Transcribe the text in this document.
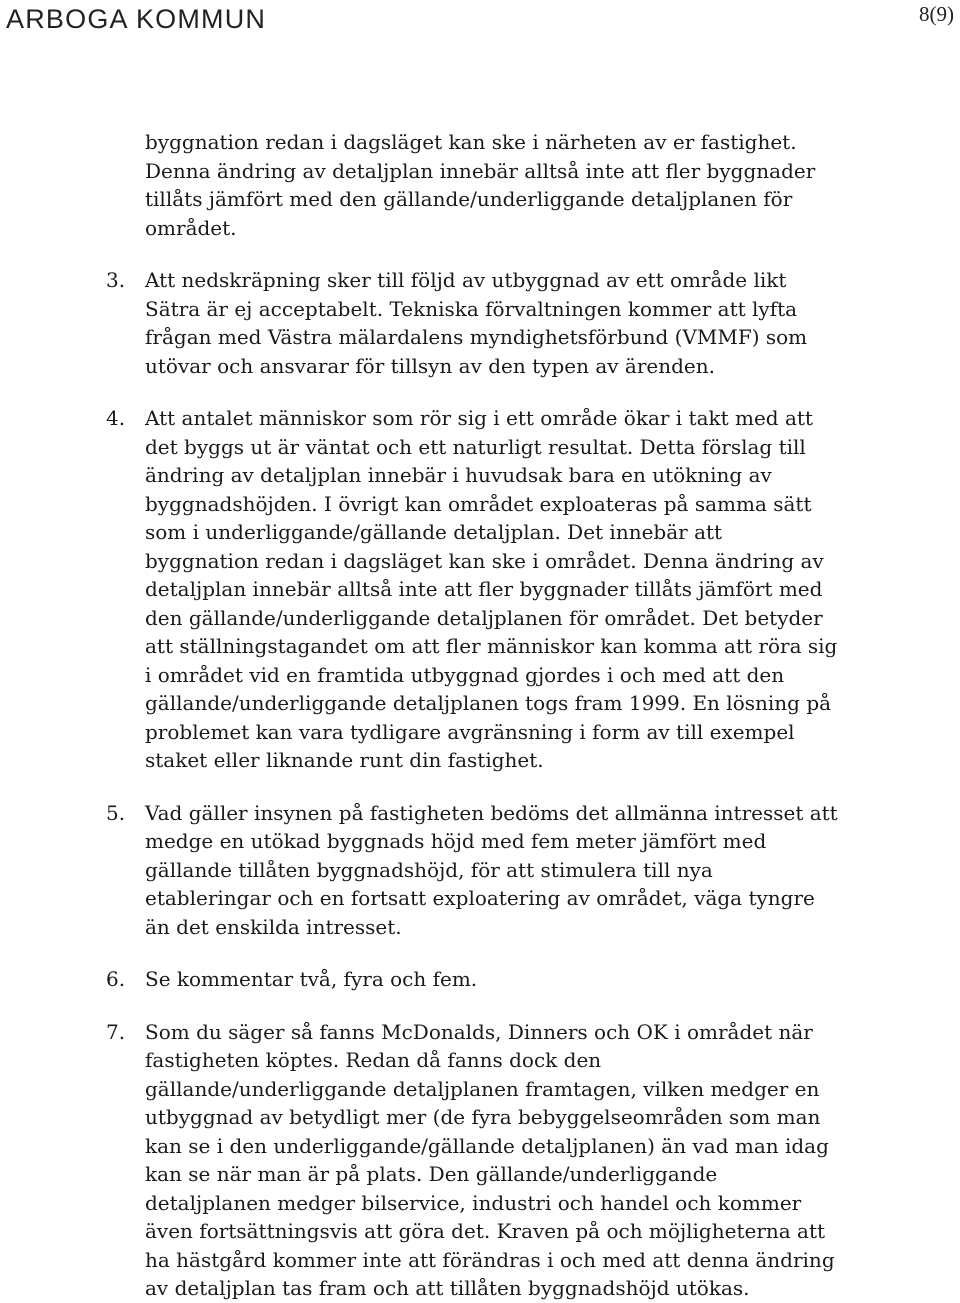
ARBOGA KOMMUN	8(9)
byggnation redan i dagsläget kan ske i närheten av er fastighet. Denna ändring av detaljplan innebär alltså inte att fler byggnader tillåts jämfört med den gällande/underliggande detaljplanen för området.
3. Att nedskräpning sker till följd av utbyggnad av ett område likt Sätra är ej acceptabelt. Tekniska förvaltningen kommer att lyfta frågan med Västra mälardalens myndighetsförbund (VMMF) som utövar och ansvarar för tillsyn av den typen av ärenden.
4. Att antalet människor som rör sig i ett område ökar i takt med att det byggs ut är väntat och ett naturligt resultat. Detta förslag till ändring av detaljplan innebär i huvudsak bara en utökning av byggnadshöjden. I övrigt kan området exploateras på samma sätt som i underliggande/gällande detaljplan. Det innebär att byggnation redan i dagsläget kan ske i området. Denna ändring av detaljplan innebär alltså inte att fler byggnader tillåts jämfört med den gällande/underliggande detaljplanen för området. Det betyder att ställningstagandet om att fler människor kan komma att röra sig i området vid en framtida utbyggnad gjordes i och med att den gällande/underliggande detaljplanen togs fram 1999. En lösning på problemet kan vara tydligare avgränsning i form av till exempel staket eller liknande runt din fastighet.
5. Vad gäller insynen på fastigheten bedöms det allmänna intresset att medge en utökad byggnads höjd med fem meter jämfört med gällande tillåten byggnadshöjd, för att stimulera till nya etableringar och en fortsatt exploatering av området, väga tyngre än det enskilda intresset.
6. Se kommentar två, fyra och fem.
7. Som du säger så fanns McDonalds, Dinners och OK i området när fastigheten köptes. Redan då fanns dock den gällande/underliggande detaljplanen framtagen, vilken medger en utbyggnad av betydligt mer (de fyra bebyggelseområden som man kan se i den underliggande/gällande detaljplanen) än vad man idag kan se när man är på plats. Den gällande/underliggande detaljplanen medger bilservice, industri och handel och kommer även fortsättningsvis att göra det. Kraven på och möjligheterna att ha hästgård kommer inte att förändras i och med att denna ändring av detaljplan tas fram och att tillåten byggnadshöjd utökas.
